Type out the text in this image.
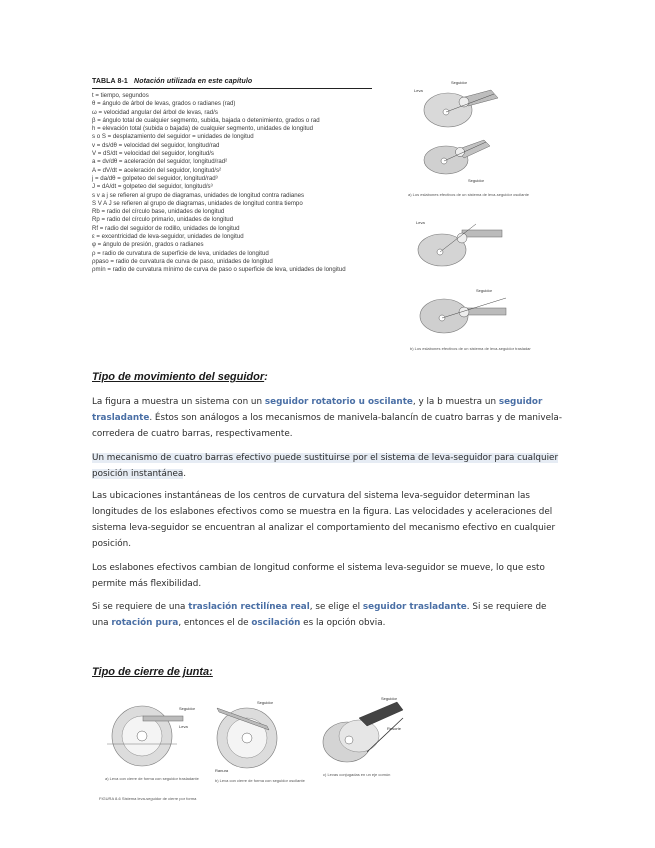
TABLA 8-1 Notación utilizada en este capítulo
t = tiempo, segundos
θ = ángulo de árbol de levas, grados o radianes (rad)
ω = velocidad angular del árbol de levas, rad/s
β = ángulo total de cualquier segmento, subida, bajada o detenimiento, grados o rad
h = elevación total (subida o bajada) de cualquier segmento, unidades de longitud
s o S = desplazamiento del seguidor = unidades de longitud
v = ds/dθ = velocidad del seguidor, longitud/rad
V = dS/dt = velocidad del seguidor, longitud/s
a = dv/dθ = aceleración del seguidor, longitud/rad²
A = dV/dt = aceleración del seguidor, longitud/s²
j = da/dθ = golpeteo del seguidor, longitud/rad³
J = dA/dt = golpeteo del seguidor, longitud/s³
s v a j se refieren al grupo de diagramas, unidades de longitud contra radianes
S V A J se refieren al grupo de diagramas, unidades de longitud contra tiempo
Rb = radio del círculo base, unidades de longitud
Rp = radio del círculo primario, unidades de longitud
Rf = radio del seguidor de rodillo, unidades de longitud
ε = excentricidad de leva-seguidor, unidades de longitud
φ = ángulo de presión, grados o radianes
ρ = radio de curvatura de superficie de leva, unidades de longitud
ρpaso = radio de curvatura de curva de paso, unidades de longitud
ρmín = radio de curvatura mínimo de curva de paso o superficie de leva, unidades de longitud
Seguidor
Leva
Seguidor
a) Los eslabones efectivos de un sistema de leva-seguidor oscilante
Leva
Seguidor
b) Los eslabones efectivos de un sistema de leva-seguidor trasladante
Tipo de movimiento del seguidor:
La figura a muestra un sistema con un seguidor rotatorio u oscilante, y la b muestra un seguidor trasladante. Éstos son análogos a los mecanismos de manivela-balancín de cuatro barras y de manivela-corredera de cuatro barras, respectivamente.
Un mecanismo de cuatro barras efectivo puede sustituirse por el sistema de leva-seguidor para cualquier posición instantánea.
Las ubicaciones instantáneas de los centros de curvatura del sistema leva-seguidor determinan las longitudes de los eslabones efectivos como se muestra en la figura. Las velocidades y aceleraciones del sistema leva-seguidor se encuentran al analizar el comportamiento del mecanismo efectivo en cualquier posición.
Los eslabones efectivos cambian de longitud conforme el sistema leva-seguidor se mueve, lo que esto permite más flexibilidad.
Si se requiere de una traslación rectilínea real, se elige el seguidor trasladante. Si se requiere de una rotación pura, entonces el de oscilación es la opción obvia.
Tipo de cierre de junta:
Seguidor
Leva
a) Leva con cierre de forma con seguidor trasladante
Seguidor
Ranura
b) Leva con cierre de forma con seguidor oscilante
Seguidor
Resorte
c) Levas conjugadas en un eje común
FIGURA 8-6 Sistema leva-seguidor de cierre por forma
